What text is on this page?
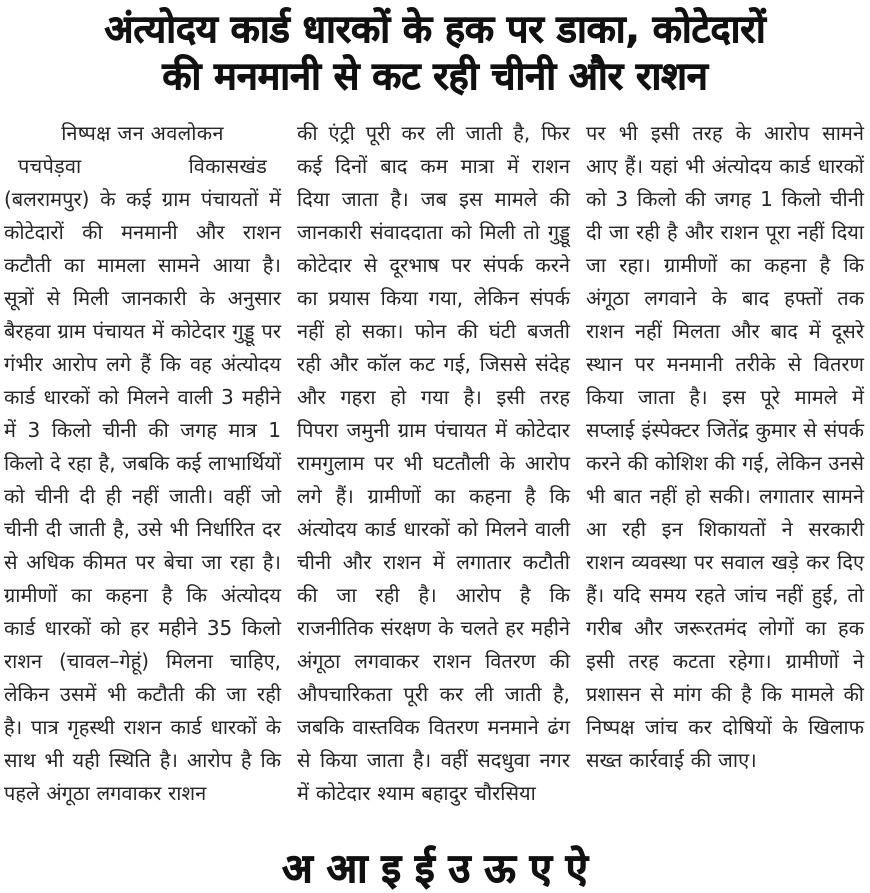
अंत्योदय कार्ड धारकों के हक पर डाका, कोटेदारों
की मनमानी से कट रही चीनी और राशन
निष्पक्ष जन अवलोकन
पचपेड़वा विकासखंड

(बलरामपुर) के कई ग्राम पंचायतों में कोटेदारों की मनमानी और राशन कटौती का मामला सामने आया है। सूत्रों से मिली जानकारी के अनुसार बैरहवा ग्राम पंचायत में कोटेदार गुड्डू पर गंभीर आरोप लगे हैं कि वह अंत्योदय कार्ड धारकों को मिलने वाली 3 महीने में 3 किलो चीनी की जगह मात्र 1 किलो दे रहा है, जबकि कई लाभार्थियों को चीनी दी ही नहीं जाती। वहीं जो चीनी दी जाती है, उसे भी निर्धारित दर से अधिक कीमत पर बेचा जा रहा है। ग्रामीणों का कहना है कि अंत्योदय कार्ड धारकों को हर महीने 35 किलो राशन (चावल–गेहूं) मिलना चाहिए, लेकिन उसमें भी कटौती की जा रही है। पात्र गृहस्थी राशन कार्ड धारकों के साथ भी यही स्थिति है। आरोप है कि पहले अंगूठा लगवाकर राशन

की एंट्री पूरी कर ली जाती है, फिर कई दिनों बाद कम मात्रा में राशन दिया जाता है। जब इस मामले की जानकारी संवाददाता को मिली तो गुड्डू कोटेदार से दूरभाष पर संपर्क करने का प्रयास किया गया, लेकिन संपर्क नहीं हो सका। फोन की घंटी बजती रही और कॉल कट गई, जिससे संदेह और गहरा हो गया है। इसी तरह पिपरा जमुनी ग्राम पंचायत में कोटेदार रामगुलाम पर भी घटतौली के आरोप लगे हैं। ग्रामीणों का कहना है कि अंत्योदय कार्ड धारकों को मिलने वाली चीनी और राशन में लगातार कटौती की जा रही है। आरोप है कि राजनीतिक संरक्षण के चलते हर महीने अंगूठा लगवाकर राशन वितरण की औपचारिकता पूरी कर ली जाती है, जबकि वास्तविक वितरण मनमाने ढंग से किया जाता है। वहीं सदधुवा नगर में कोटेदार श्याम बहादुर चौरसिया

पर भी इसी तरह के आरोप सामने आए हैं। यहां भी अंत्योदय कार्ड धारकों को 3 किलो की जगह 1 किलो चीनी दी जा रही है और राशन पूरा नहीं दिया जा रहा। ग्रामीणों का कहना है कि अंगूठा लगवाने के बाद हफ्तों तक राशन नहीं मिलता और बाद में दूसरे स्थान पर मनमानी तरीके से वितरण किया जाता है। इस पूरे मामले में सप्लाई इंस्पेक्टर जितेंद्र कुमार से संपर्क करने की कोशिश की गई, लेकिन उनसे भी बात नहीं हो सकी। लगातार सामने आ रही इन शिकायतों ने सरकारी राशन व्यवस्था पर सवाल खड़े कर दिए हैं। यदि समय रहते जांच नहीं हुई, तो गरीब और जरूरतमंद लोगों का हक इसी तरह कटता रहेगा। ग्रामीणों ने प्रशासन से मांग की है कि मामले की निष्पक्ष जांच कर दोषियों के खिलाफ सख्त कार्रवाई की जाए।

अ आ इ ई उ ऊ ए ऐ
